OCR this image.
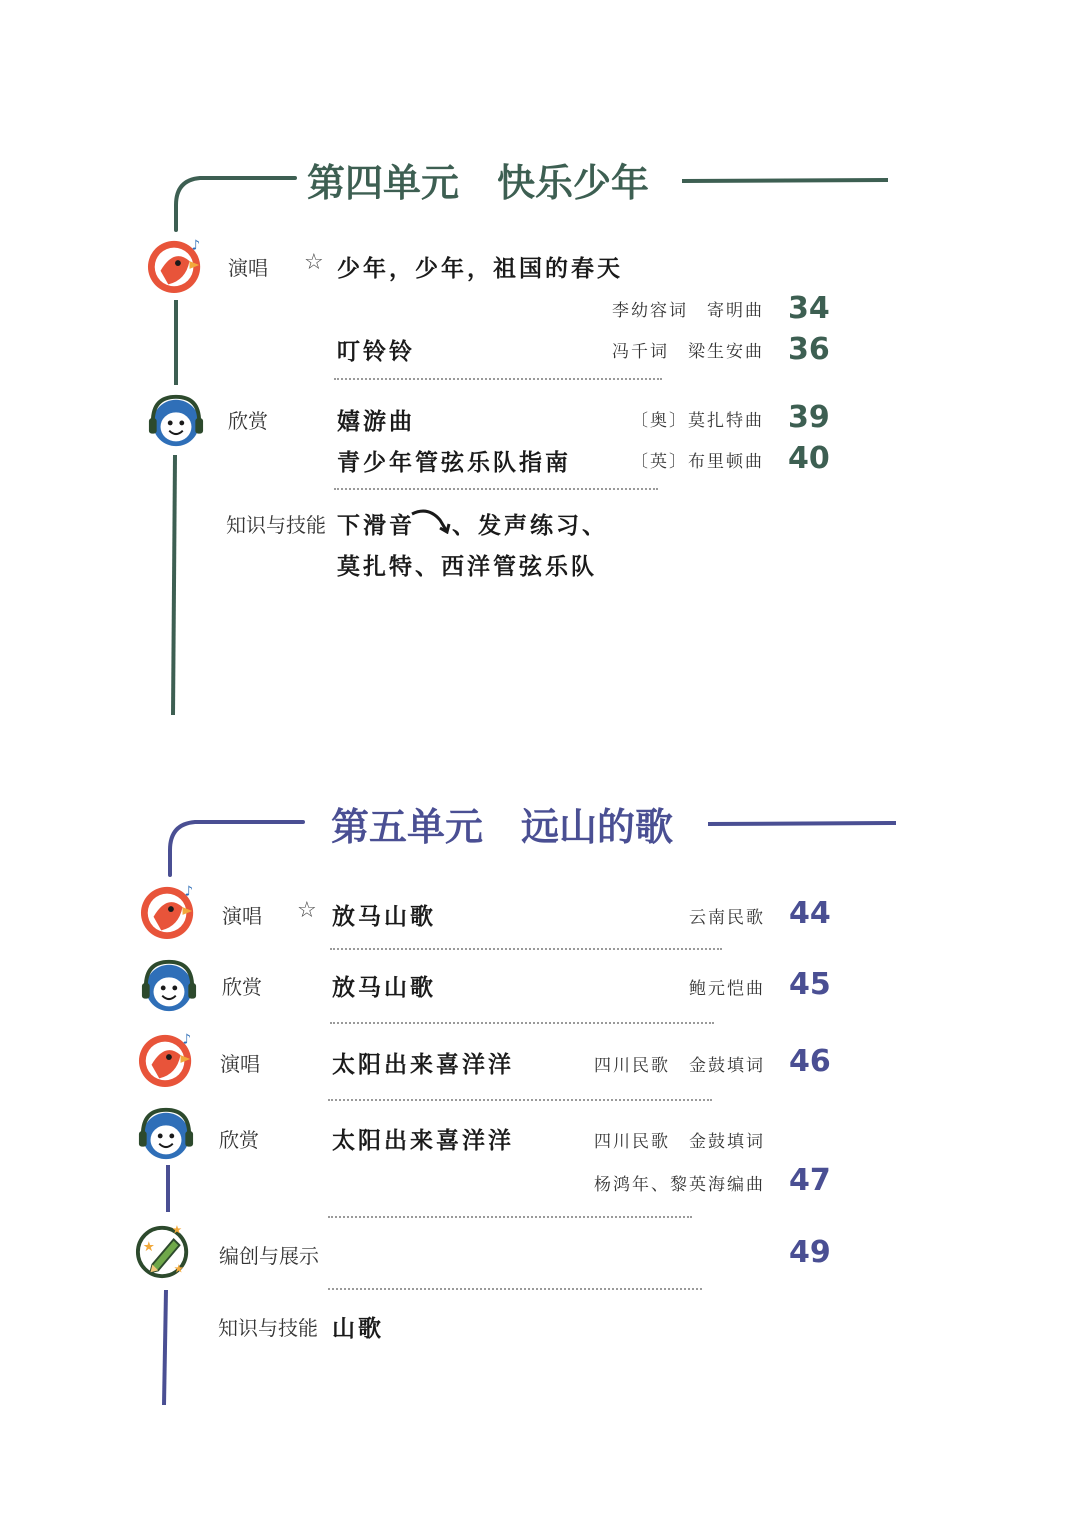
第四单元　快乐少年
♪
演唱 ☆ 少年，少年，祖国的春天
李幼容词　寄明曲 34
叮铃铃	冯千词　梁生安曲 36
欣赏	嬉游曲	〔奥〕莫扎特曲 39
青少年管弦乐队指南	〔英〕布里顿曲 40
知识与技能 下滑音 、发声练习、
莫扎特、西洋管弦乐队
第五单元　远山的歌
♪
演唱 ☆ 放马山歌	云南民歌 44
欣赏	放马山歌	鲍元恺曲 45
♪
演唱	太阳出来喜洋洋	四川民歌　金鼓填词 46
欣赏	太阳出来喜洋洋	四川民歌　金鼓填词
杨鸿年、黎英海编曲 47
★
★
★
编创与展示	49
知识与技能 山歌
